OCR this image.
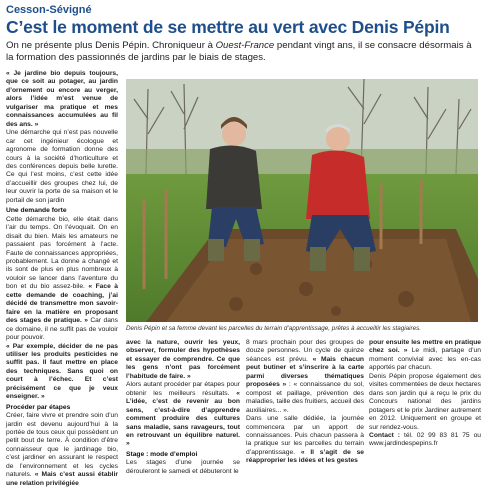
Cesson-Sévigné
C’est le moment de se mettre au vert avec Denis Pépin
On ne présente plus Denis Pépin. Chroniqueur à Ouest-France pendant vingt ans, il se consacre désormais à la formation des passionnés de jardins par le biais de stages.

« Je jardine bio depuis toujours, que ce soit au potager, au jardin d’ornement ou encore au verger, alors l’idée m’est venue de vulgariser ma pratique et mes connaissances accumulées au fil des ans. »

Une démarche qui n’est pas nouvelle car cet ingénieur écologue et agronome de formation donne des cours à la société d’horticulture et des conférences depuis belle lurette. Ce qui l’est moins, c’est cette idée d’accueillir des groupes chez lui, de leur ouvrir la porte de sa maison et le portail de son jardin

Une demande forte

Cette démarche bio, elle était dans l’air du temps. On l’évoquait. On en disait du bien. Mais les amateurs ne passaient pas forcément à l’acte. Faute de connaissances appropriées, probablement. La donne a changé et ils sont de plus en plus nombreux à vouloir se lancer dans l’aventure du bon et du bio assez-bile. « Face à cette demande de coaching, j’ai décidé de transmettre mon savoir-faire en la matière en proposant des stages de pratique. » Car dans ce domaine, il ne suffit pas de vouloir pour pouvoir.

« Par exemple, décider de ne pas utiliser les produits pesticides ne suffit pas. Il faut mettre en place des techniques. Sans quoi on court à l’échec. Et c’est précisément ce que je veux enseigner. »

Procéder par étapes

Créer, faire vivre et prendre soin d’un jardin est devenu aujourd’hui à la portée de tous ceux qui possèdent un petit bout de terre. À condition d’être connaisseur que le jardinage bio, c’est jardiner en assurant le respect de l’environnement et les cycles naturels. « Mais c’est aussi établir une relation privilégiée

Denis Pépin et sa femme devant les parcelles du terrain d’apprentissage, prêtes à accueillir les stagiaires.

avec la nature, ouvrir les yeux, observer, formuler des hypothèses et essayer de comprendre. Ce que les gens n’ont pas forcément l’habitude de faire. »

Alors autant procéder par étapes pour obtenir les meilleurs résultats. « L’idée, c’est de revenir au bon sens, c’est-à-dire d’apprendre comment produire des cultures sans maladie, sans ravageurs, tout en retrouvant un équilibre naturel. »

Stage : mode d’emploi

Les stages d’une journée se dérouleront le samedi et débuteront le

8 mars prochain pour des groupes de douze personnes. Un cycle de quinze séances est prévu. « Mais chacun peut butiner et s’inscrire à la carte parmi diverses thématiques proposées » : « connaissance du sol, compost et paillage, prévention des maladies, taille des fruitiers, accueil des auxiliaires... ».

Dans une salle dédiée, la journée commencera par un apport de connaissances. Puis chacun passera à la pratique sur les parcelles du terrain d’apprentissage. « Il s’agit de se réapproprier les idées et les gestes

pour ensuite les mettre en pratique chez soi. » Le midi, partage d’un moment convivial avec les en-cas apportés par chacun.

Denis Pépin propose également des visites commentées de deux hectares dans son jardin qui a reçu le prix du Concours national des jardins potagers et le prix Jardiner autrement en 2012. Uniquement en groupe et sur rendez-vous.

Contact : tél. 02 99 83 81 75 ou www.jardindespepins.fr
